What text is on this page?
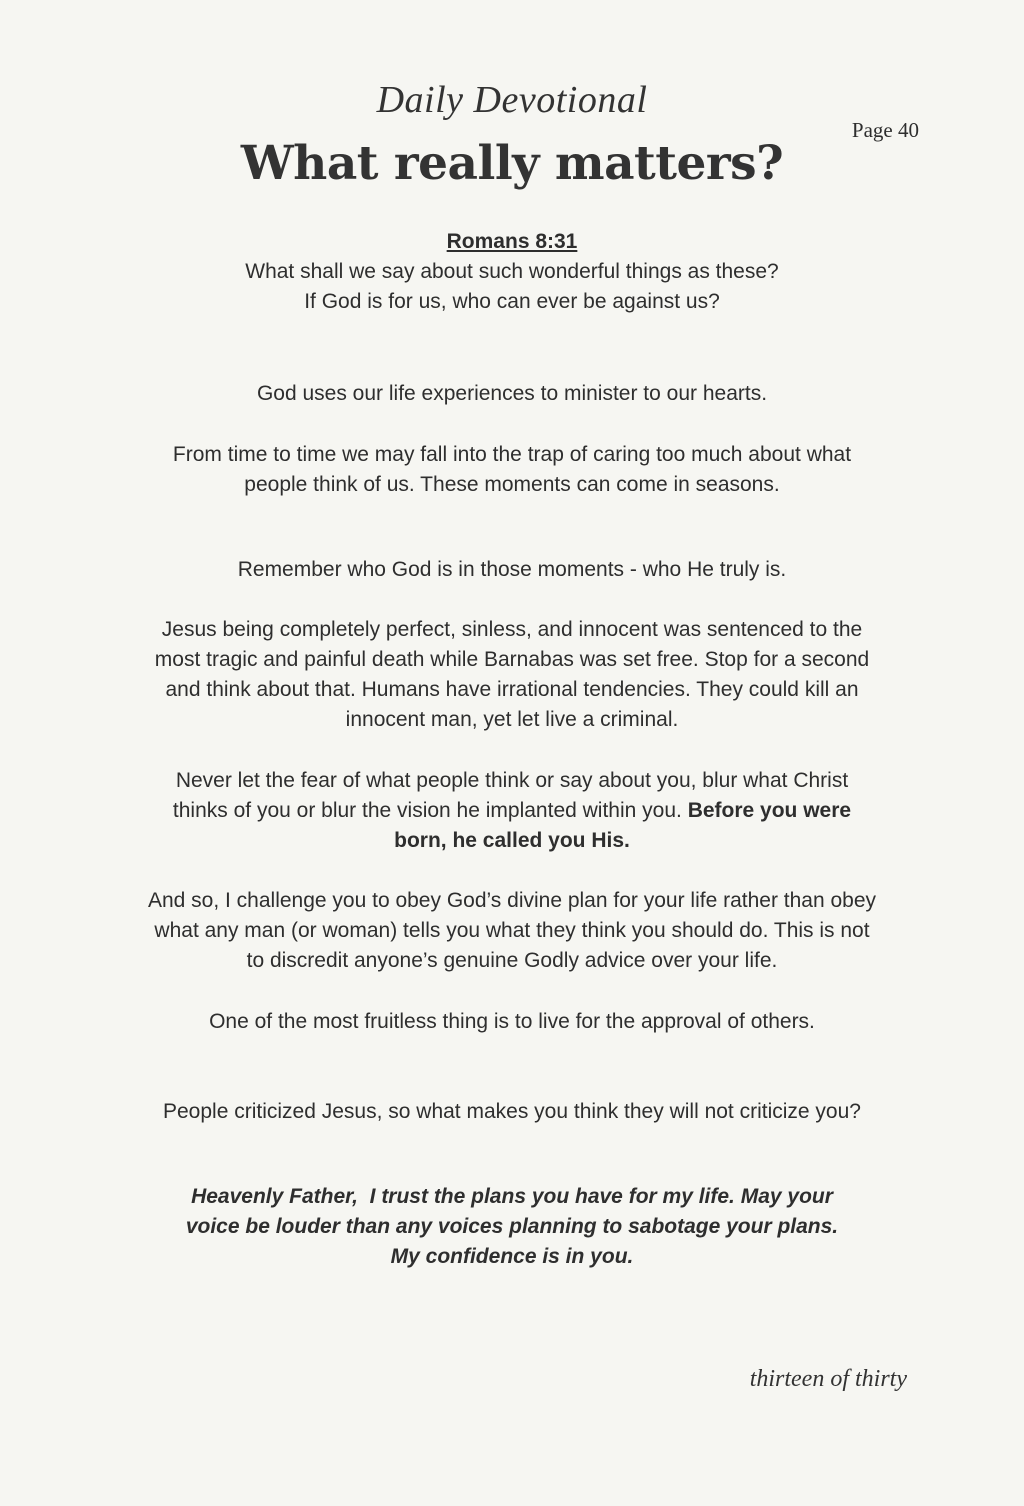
Daily Devotional
Page 40
What really matters?
Romans 8:31
What shall we say about such wonderful things as these?
If God is for us, who can ever be against us?
God uses our life experiences to minister to our hearts.
From time to time we may fall into the trap of caring too much about what
people think of us. These moments can come in seasons.
Remember who God is in those moments - who He truly is.
Jesus being completely perfect, sinless, and innocent was sentenced to the
most tragic and painful death while Barnabas was set free. Stop for a second
and think about that. Humans have irrational tendencies. They could kill an
innocent man, yet let live a criminal.
Never let the fear of what people think or say about you, blur what Christ
thinks of you or blur the vision he implanted within you. Before you were
born, he called you His.
And so, I challenge you to obey God’s divine plan for your life rather than obey
what any man (or woman) tells you what they think you should do. This is not
to discredit anyone’s genuine Godly advice over your life.
One of the most fruitless thing is to live for the approval of others.
People criticized Jesus, so what makes you think they will not criticize you?
Heavenly Father,  I trust the plans you have for my life. May your
voice be louder than any voices planning to sabotage your plans.
My confidence is in you.
thirteen of thirty
